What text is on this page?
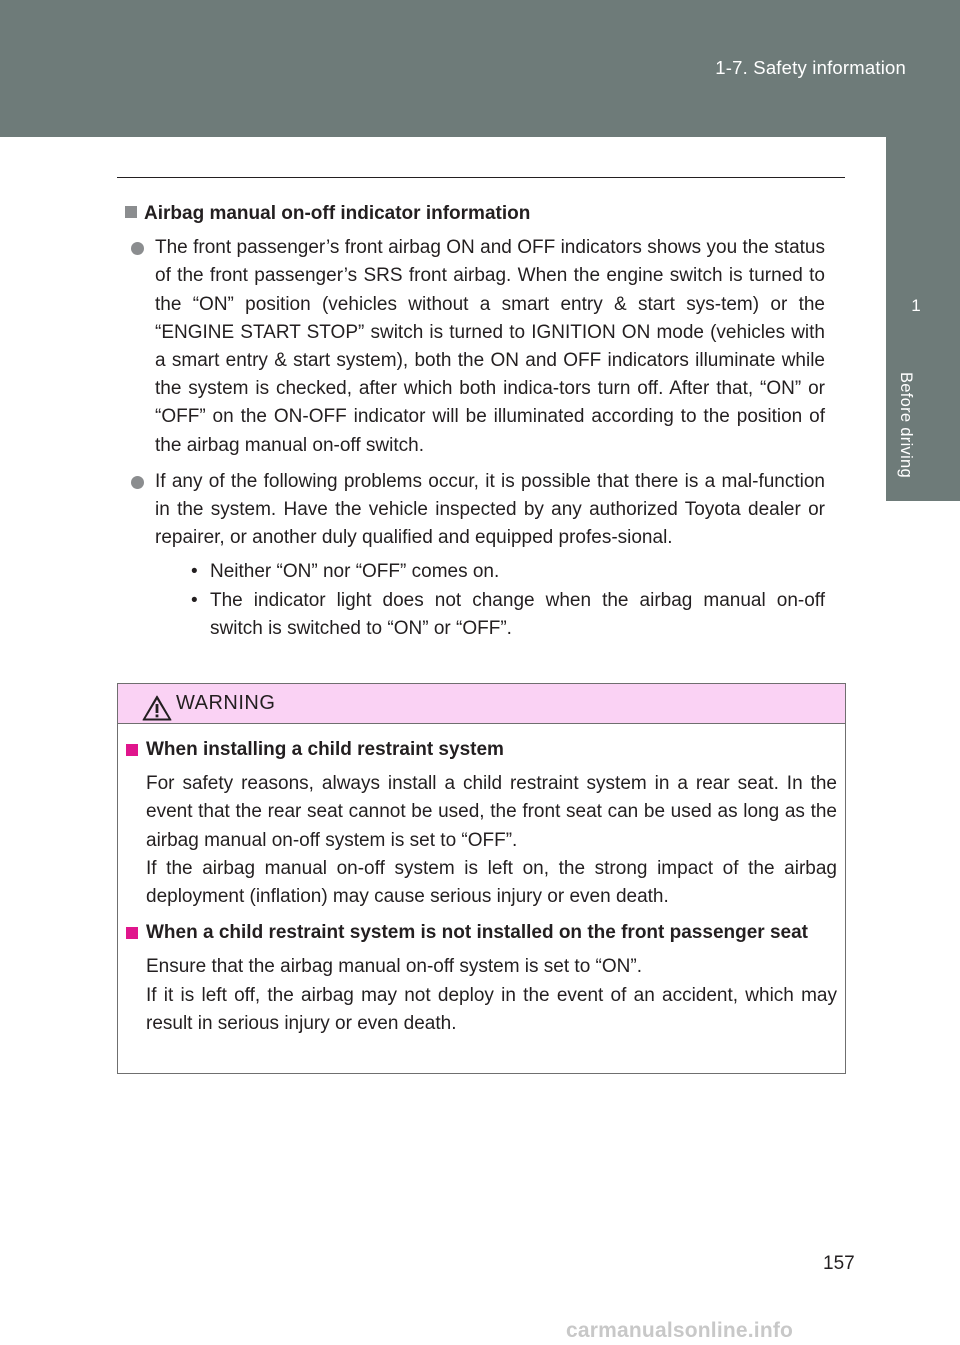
1-7. Safety information
1
Before driving
Airbag manual on-off indicator information
The front passenger’s front airbag ON and OFF indicators shows you the status of the front passenger’s SRS front airbag. When the engine switch is turned to the “ON” position (vehicles without a smart entry & start sys-tem) or the “ENGINE START STOP” switch is turned to IGNITION ON mode (vehicles with a smart entry & start system), both the ON and OFF indicators illuminate while the system is checked, after which both indica-tors turn off. After that, “ON” or “OFF” on the ON-OFF indicator will be illuminated according to the position of the airbag manual on-off switch.
If any of the following problems occur, it is possible that there is a mal-function in the system. Have the vehicle inspected by any authorized Toyota dealer or repairer, or another duly qualified and equipped profes-sional.
• Neither “ON” nor “OFF” comes on.
• The indicator light does not change when the airbag manual on-off switch is switched to “ON” or “OFF”.
WARNING
When installing a child restraint system
For safety reasons, always install a child restraint system in a rear seat. In the event that the rear seat cannot be used, the front seat can be used as long as the airbag manual on-off system is set to “OFF”.
If the airbag manual on-off system is left on, the strong impact of the airbag deployment (inflation) may cause serious injury or even death.
When a child restraint system is not installed on the front passenger seat
Ensure that the airbag manual on-off system is set to “ON”.
If it is left off, the airbag may not deploy in the event of an accident, which may result in serious injury or even death.
157
carmanualsonline.info
